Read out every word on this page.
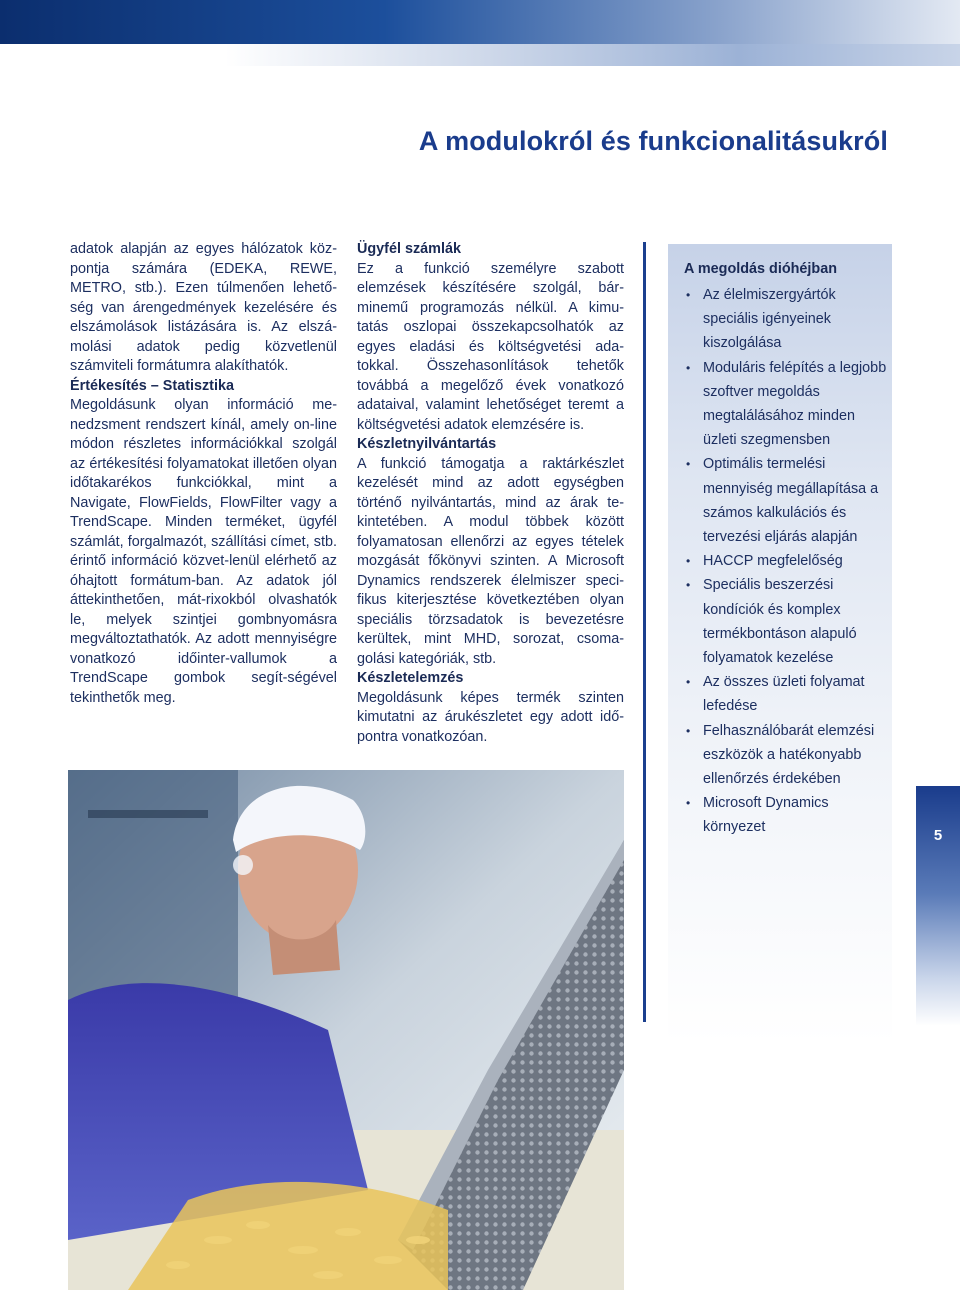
A modulokról és funkcionalitásukról

adatok alapján az egyes hálózatok köz-pontja számára (EDEKA, REWE, METRO, stb.). Ezen túlmenően lehető-ség van árengedmények kezelésére és elszámolások listázására is. Az elszá-molási adatok pedig közvetlenül számviteli formátumra alakíthatók.

Értékesítés – Statisztika

Megoldásunk olyan információ me-nedzsment rendszert kínál, amely on-line módon részletes információkkal szolgál az értékesítési folyamatokat illetően olyan időtakarékos funkciókkal, mint a Navigate, FlowFields, FlowFilter vagy a TrendScape. Minden terméket, ügyfél számlát, forgalmazót, szállítási címet, stb. érintő információ közvet-lenül elérhető az óhajtott formátum-ban. Az adatok jól áttekinthetően, mát-rixokból olvashatók le, melyek szintjei gombnyomásra megváltoztathatók. Az adott mennyiségre vonatkozó időinter-vallumok a TrendScape gombok segít-ségével tekinthetők meg.

Ügyfél számlák

Ez a funkció személyre szabott elemzések készítésére szolgál, bár-minemű programozás nélkül. A kimu-tatás oszlopai összekapcsolhatók az egyes eladási és költségvetési ada-tokkal. Összehasonlítások tehetők továbbá a megelőző évek vonatkozó adataival, valamint lehetőséget teremt a költségvetési adatok elemzésére is.

Készletnyilvántartás

A funkció támogatja a raktárkészlet kezelését mind az adott egységben történő nyilvántartás, mind az árak te-kintetében. A modul többek között folyamatosan ellenőrzi az egyes tételek mozgását főkönyvi szinten. A Microsoft Dynamics rendszerek élelmiszer speci-fikus kiterjesztése következtében olyan speciális törzsadatok is bevezetésre kerültek, mint MHD, sorozat, csoma-golási kategóriák, stb.

Készletelemzés

Megoldásunk képes termék szinten kimutatni az árukészletet egy adott idő-pontra vonatkozóan.

A megoldás dióhéjban
• Az élelmiszergyártók speciális igényeinek kiszolgálása
• Moduláris felépítés a legjobb szoftver megoldás megtalálásához minden üzleti szegmensben
• Optimális termelési mennyiség megállapítása a számos kalkulációs és tervezési eljárás alapján
• HACCP megfelelőség
• Speciális beszerzési kondíciók és komplex termékbontáson alapuló folyamatok kezelése
• Az összes üzleti folyamat lefedése
• Felhasználóbarát elemzési eszközök a hatékonyabb ellenőrzés érdekében
• Microsoft Dynamics környezet	5
